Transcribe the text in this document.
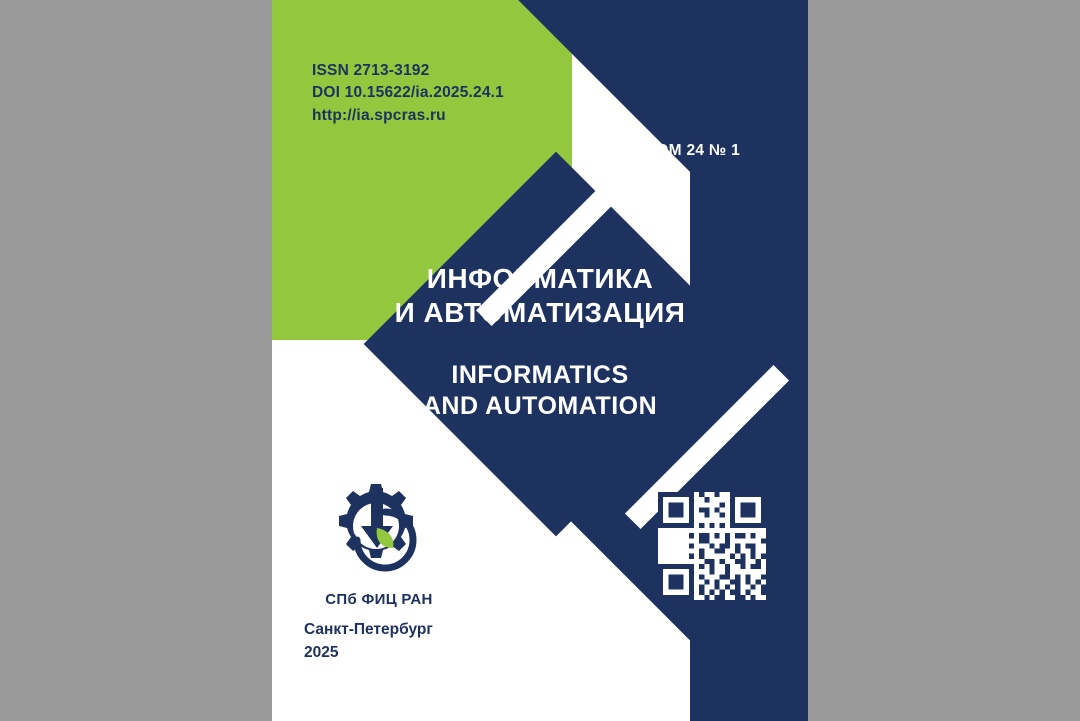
ISSN 2713-3192
DOI 10.15622/ia.2025.24.1
http://ia.spcras.ru
ТОМ 24 № 1
ИНФОРМАТИКА
И АВТОМАТИЗАЦИЯ
INFORMATICS
AND AUTOMATION
СПб ФИЦ РАН
Санкт-Петербург
2025
